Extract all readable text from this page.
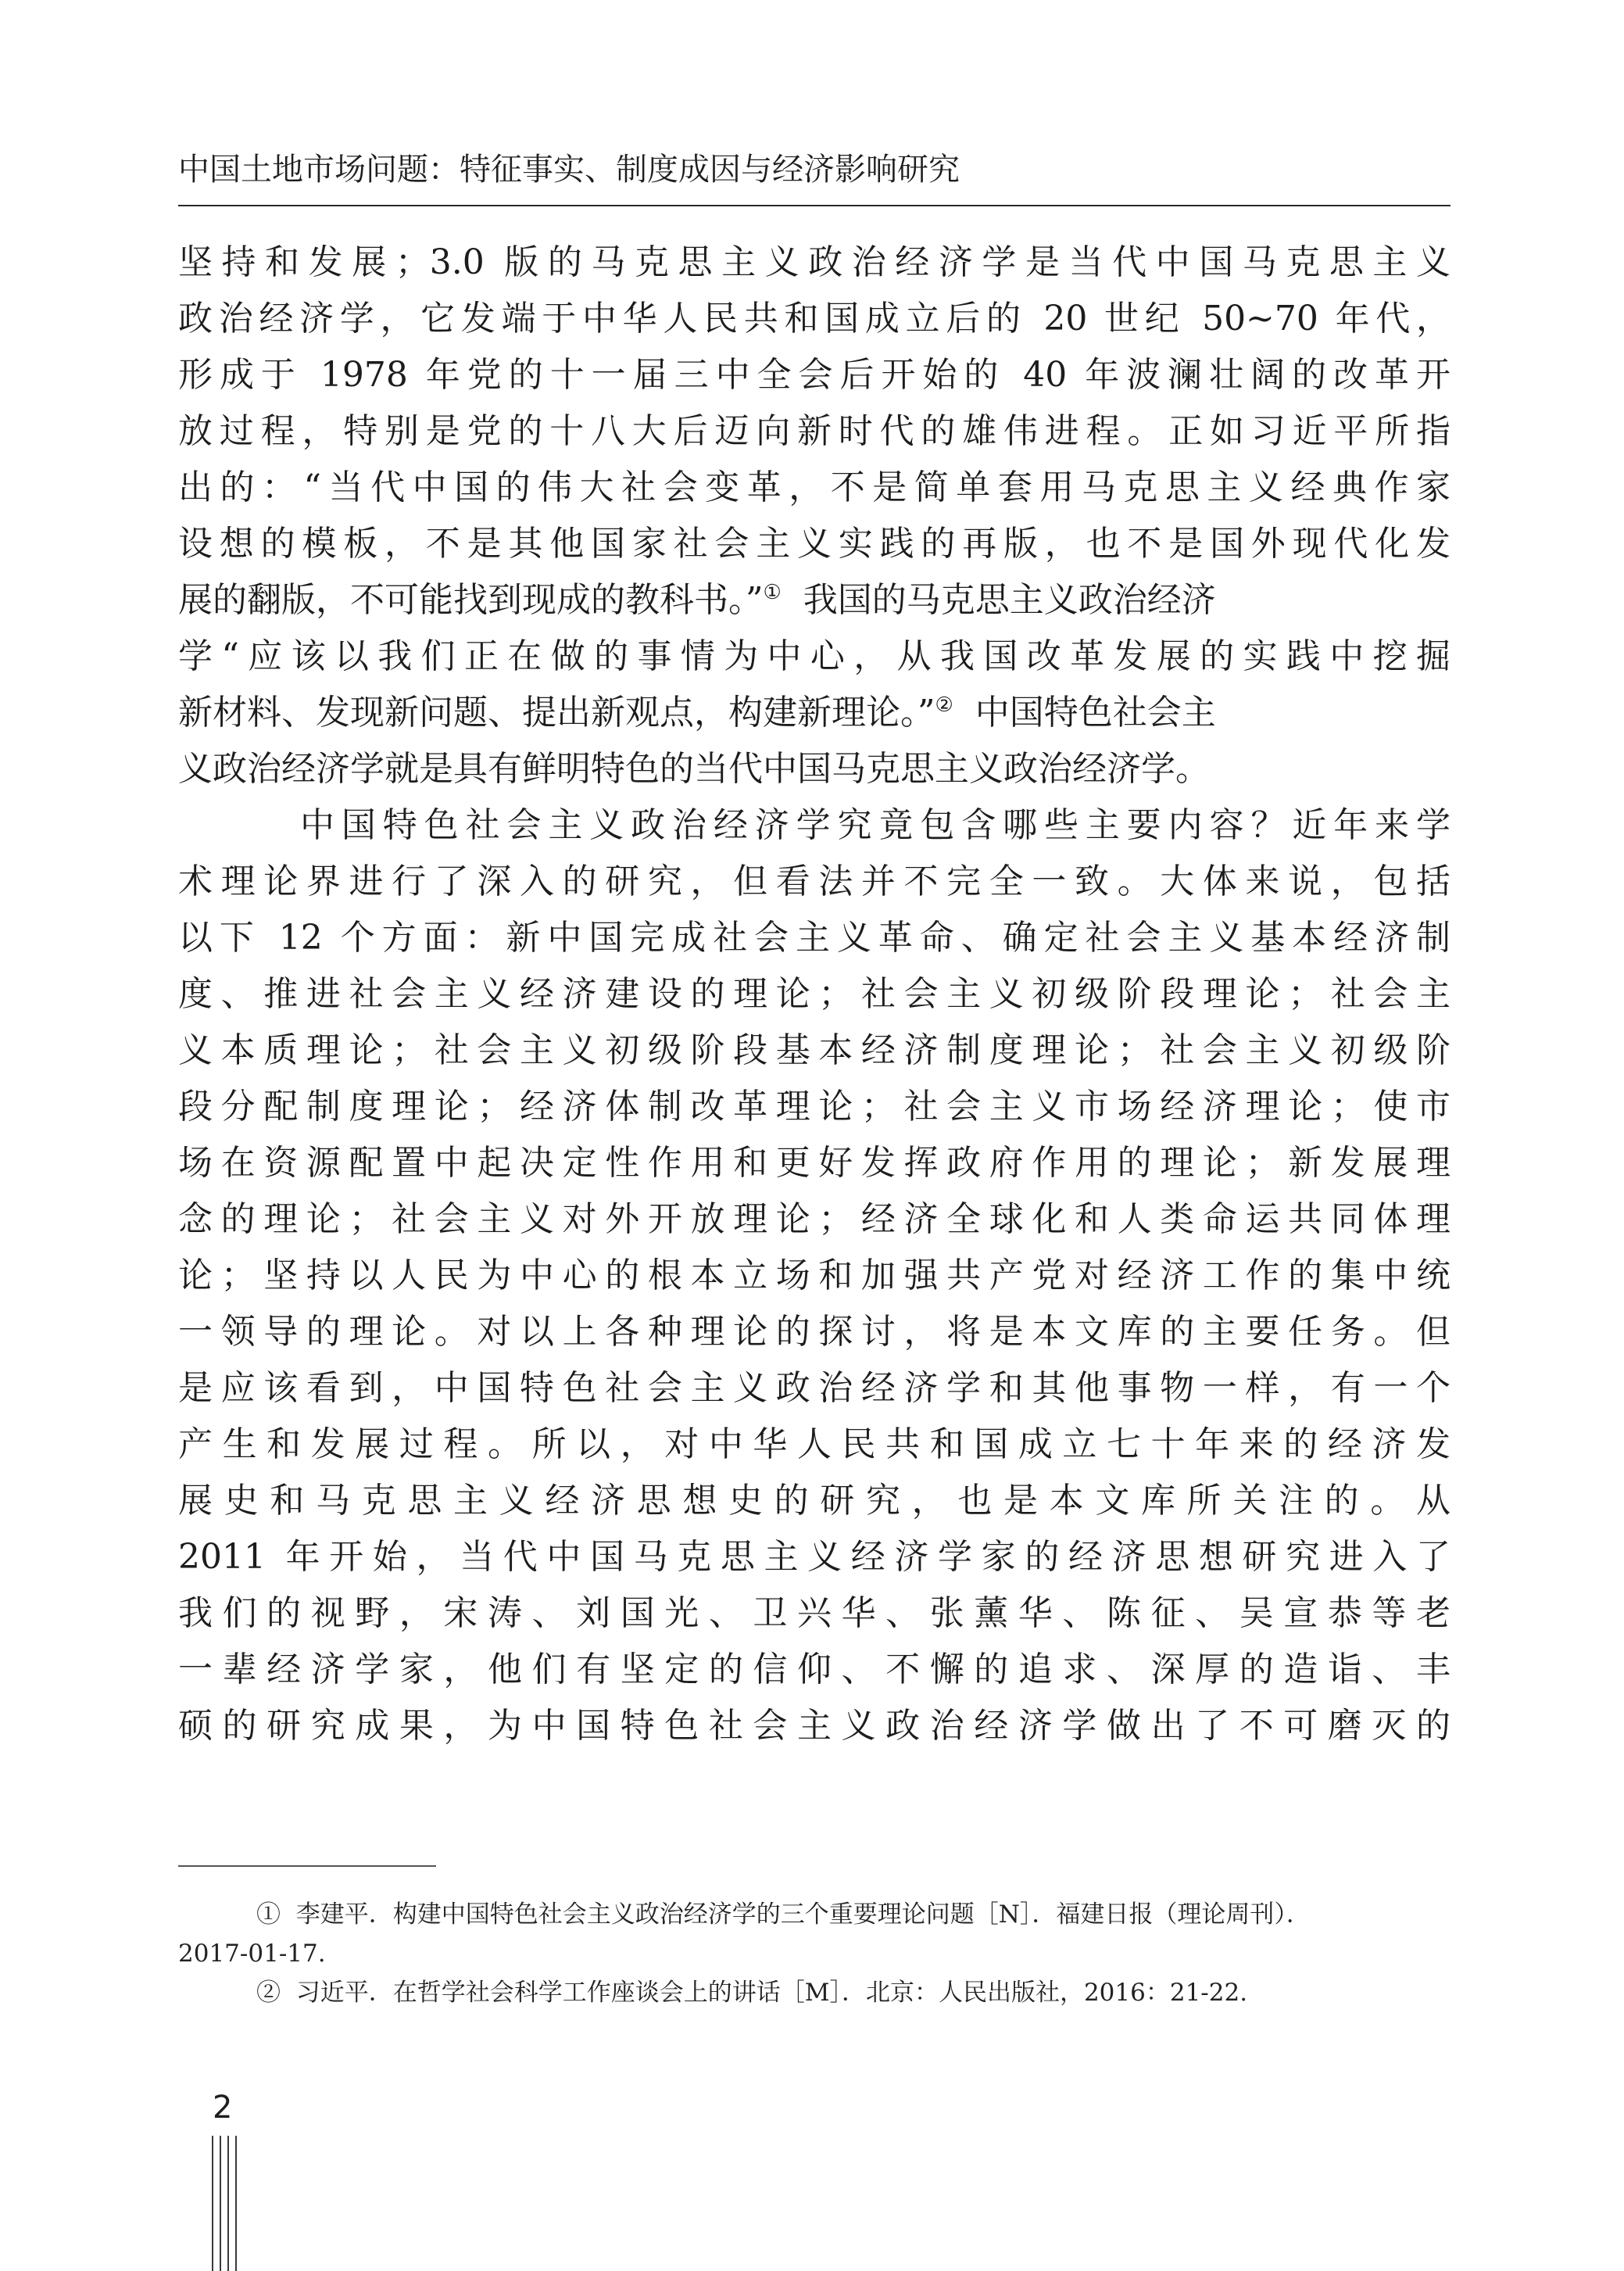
中国土地市场问题：特征事实、制度成因与经济影响研究
坚持和发展；3.0 版的马克思主义政治经济学是当代中国马克思主义
政治经济学，它发端于中华人民共和国成立后的 20 世纪 50~70 年代，
形成于 1978 年党的十一届三中全会后开始的 40 年波澜壮阔的改革开
放过程，特别是党的十八大后迈向新时代的雄伟进程。正如习近平所指
出的：“当代中国的伟大社会变革，不是简单套用马克思主义经典作家
设想的模板，不是其他国家社会主义实践的再版，也不是国外现代化发
展的翻版，不可能找到现成的教科书。”① 我国的马克思主义政治经济
学“应该以我们正在做的事情为中心，从我国改革发展的实践中挖掘
新材料、发现新问题、提出新观点，构建新理论。”② 中国特色社会主
义政治经济学就是具有鲜明特色的当代中国马克思主义政治经济学。
中国特色社会主义政治经济学究竟包含哪些主要内容？近年来学
术理论界进行了深入的研究，但看法并不完全一致。大体来说，包括
以下 12 个方面：新中国完成社会主义革命、确定社会主义基本经济制
度、推进社会主义经济建设的理论；社会主义初级阶段理论；社会主
义本质理论；社会主义初级阶段基本经济制度理论；社会主义初级阶
段分配制度理论；经济体制改革理论；社会主义市场经济理论；使市
场在资源配置中起决定性作用和更好发挥政府作用的理论；新发展理
念的理论；社会主义对外开放理论；经济全球化和人类命运共同体理
论；坚持以人民为中心的根本立场和加强共产党对经济工作的集中统
一领导的理论。对以上各种理论的探讨，将是本文库的主要任务。但
是应该看到，中国特色社会主义政治经济学和其他事物一样，有一个
产生和发展过程。所以，对中华人民共和国成立七十年来的经济发
展史和马克思主义经济思想史的研究，也是本文库所关注的。从
2011 年开始，当代中国马克思主义经济学家的经济思想研究进入了
我们的视野，宋涛、刘国光、卫兴华、张薰华、陈征、吴宣恭等老
一辈经济学家，他们有坚定的信仰、不懈的追求、深厚的造诣、丰
硕的研究成果，为中国特色社会主义政治经济学做出了不可磨灭的
① 李建平．构建中国特色社会主义政治经济学的三个重要理论问题［N］．福建日报（理论周刊）．
2017-01-17.
② 习近平．在哲学社会科学工作座谈会上的讲话［M］．北京：人民出版社，2016：21-22.
2
